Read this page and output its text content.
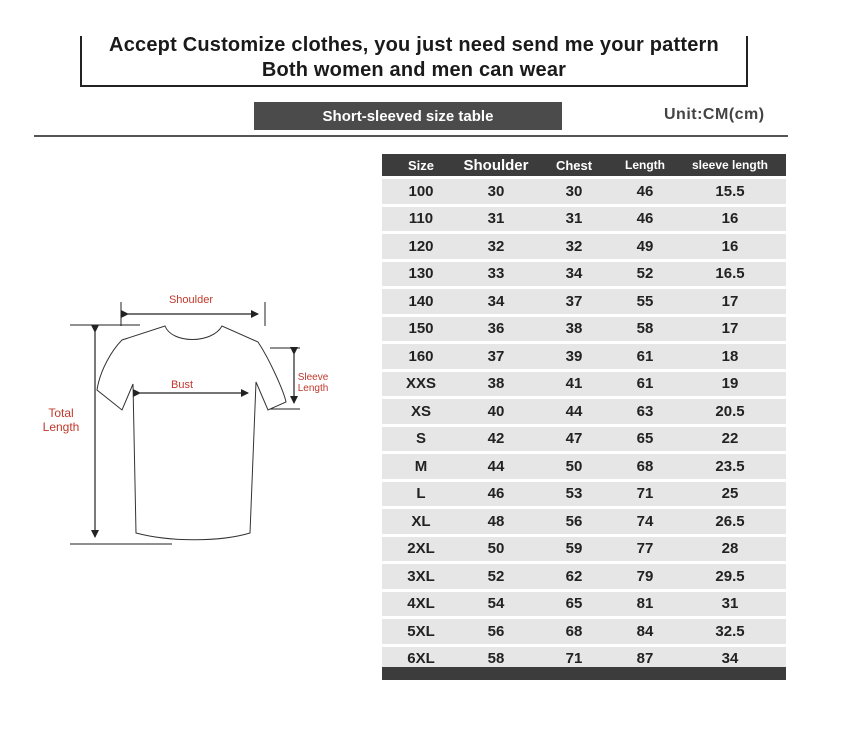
Accept Customize clothes, you just need send me your pattern
Both women and men can wear
Short-sleeved size table	Unit:CM(cm)
Shoulder
Bust
Sleeve
Length
Total
Length
Size	Shoulder	Chest	Length	sleeve length
100	30	30	46	15.5
110	31	31	46	16
120	32	32	49	16
130	33	34	52	16.5
140	34	37	55	17
150	36	38	58	17
160	37	39	61	18
XXS	38	41	61	19
XS	40	44	63	20.5
S	42	47	65	22
M	44	50	68	23.5
L	46	53	71	25
XL	48	56	74	26.5
2XL	50	59	77	28
3XL	52	62	79	29.5
4XL	54	65	81	31
5XL	56	68	84	32.5
6XL	58	71	87	34
